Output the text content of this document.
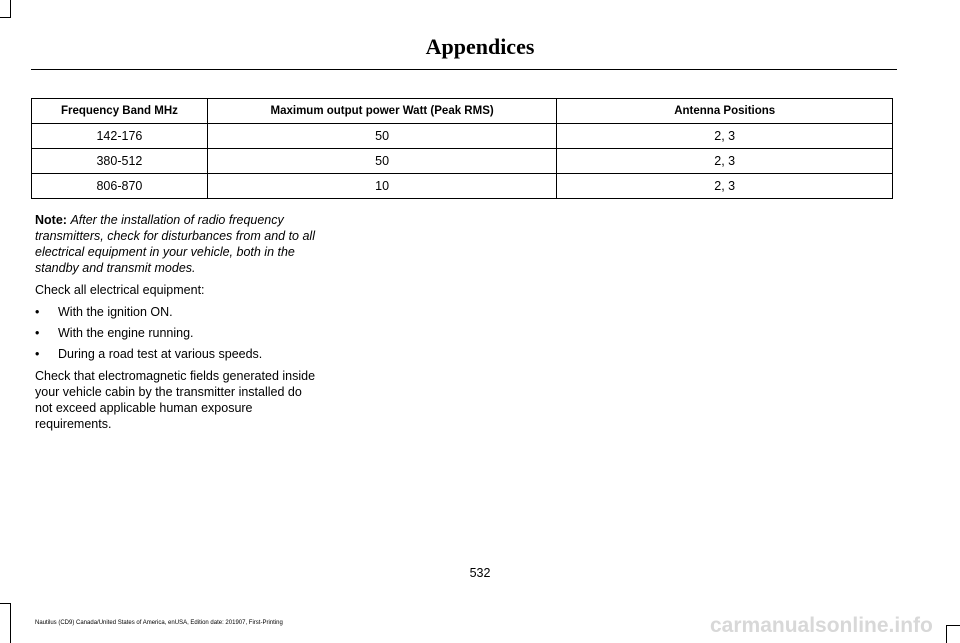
Appendices
Frequency Band MHz	Maximum output power Watt (Peak RMS)	Antenna Positions
142-176	50	2, 3
380-512	50	2, 3
806-870	10	2, 3

Note: After the installation of radio frequency transmitters, check for disturbances from and to all electrical equipment in your vehicle, both in the standby and transmit modes.

Check all electrical equipment:

• With the ignition ON.
• With the engine running.
• During a road test at various speeds.

Check that electromagnetic fields generated inside your vehicle cabin by the transmitter installed do not exceed applicable human exposure requirements.

532
Nautilus (CD9) Canada/United States of America, enUSA, Edition date: 201907, First-Printing	carmanualsonline.info
